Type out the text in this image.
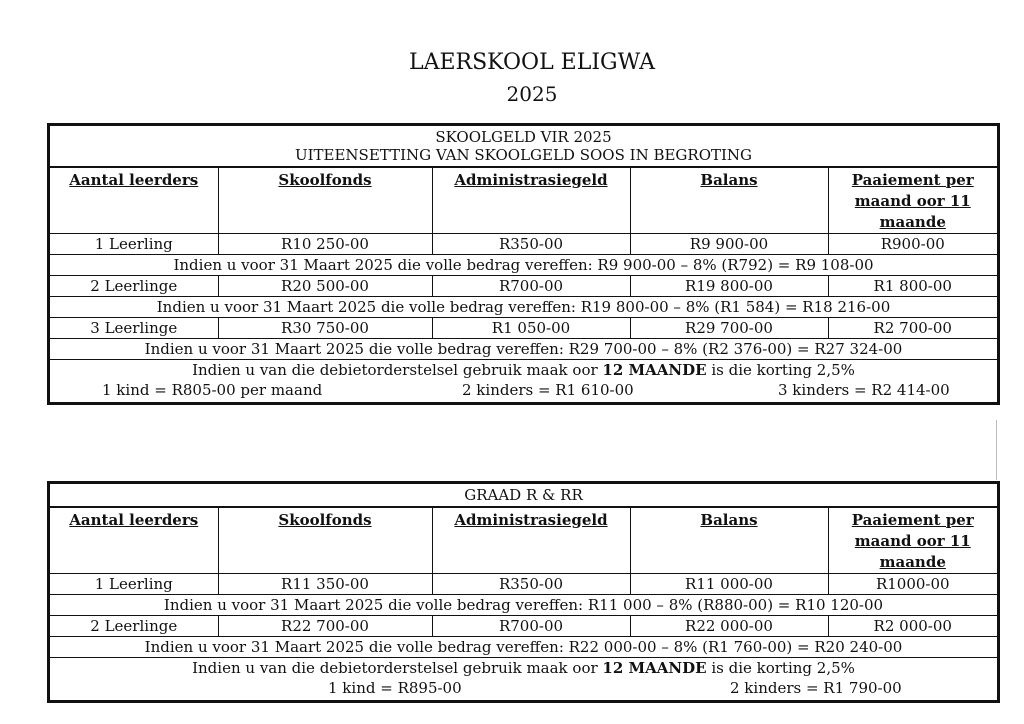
LAERSKOOL ELIGWA
2025
SKOOLGELD VIR 2025
UITEENSETTING VAN SKOOLGELD SOOS IN BEGROTING
Aantal leerders	Skoolfonds	Administrasiegeld	Balans	Paaiement per maand oor 11 maande
1 Leerling	R10 250-00	R350-00	R9 900-00	R900-00
Indien u voor 31 Maart 2025 die volle bedrag vereffen: R9 900-00 – 8% (R792) = R9 108-00				
2 Leerlinge	R20 500-00	R700-00	R19 800-00	R1 800-00
Indien u voor 31 Maart 2025 die volle bedrag vereffen: R19 800-00 – 8% (R1 584) = R18 216-00				
3 Leerlinge	R30 750-00	R1 050-00	R29 700-00	R2 700-00
Indien u voor 31 Maart 2025 die volle bedrag vereffen: R29 700-00 – 8% (R2 376-00) = R27 324-00				
Indien u van die debietorderstelsel gebruik maak oor 12 MAANDE is die korting 2,5%
1 kind = R805-00 per maand	2 kinders = R1 610-00	3 kinders = R2 414-00
GRAAD R & RR
Aantal leerders	Skoolfonds	Administrasiegeld	Balans	Paaiement per maand oor 11 maande
1 Leerling	R11 350-00	R350-00	R11 000-00	R1000-00
Indien u voor 31 Maart 2025 die volle bedrag vereffen: R11 000 – 8% (R880-00) = R10 120-00				
2 Leerlinge	R22 700-00	R700-00	R22 000-00	R2 000-00
Indien u voor 31 Maart 2025 die volle bedrag vereffen: R22 000-00 – 8% (R1 760-00) = R20 240-00				
Indien u van die debietorderstelsel gebruik maak oor 12 MAANDE is die korting 2,5%
1 kind = R895-00	2 kinders = R1 790-00
